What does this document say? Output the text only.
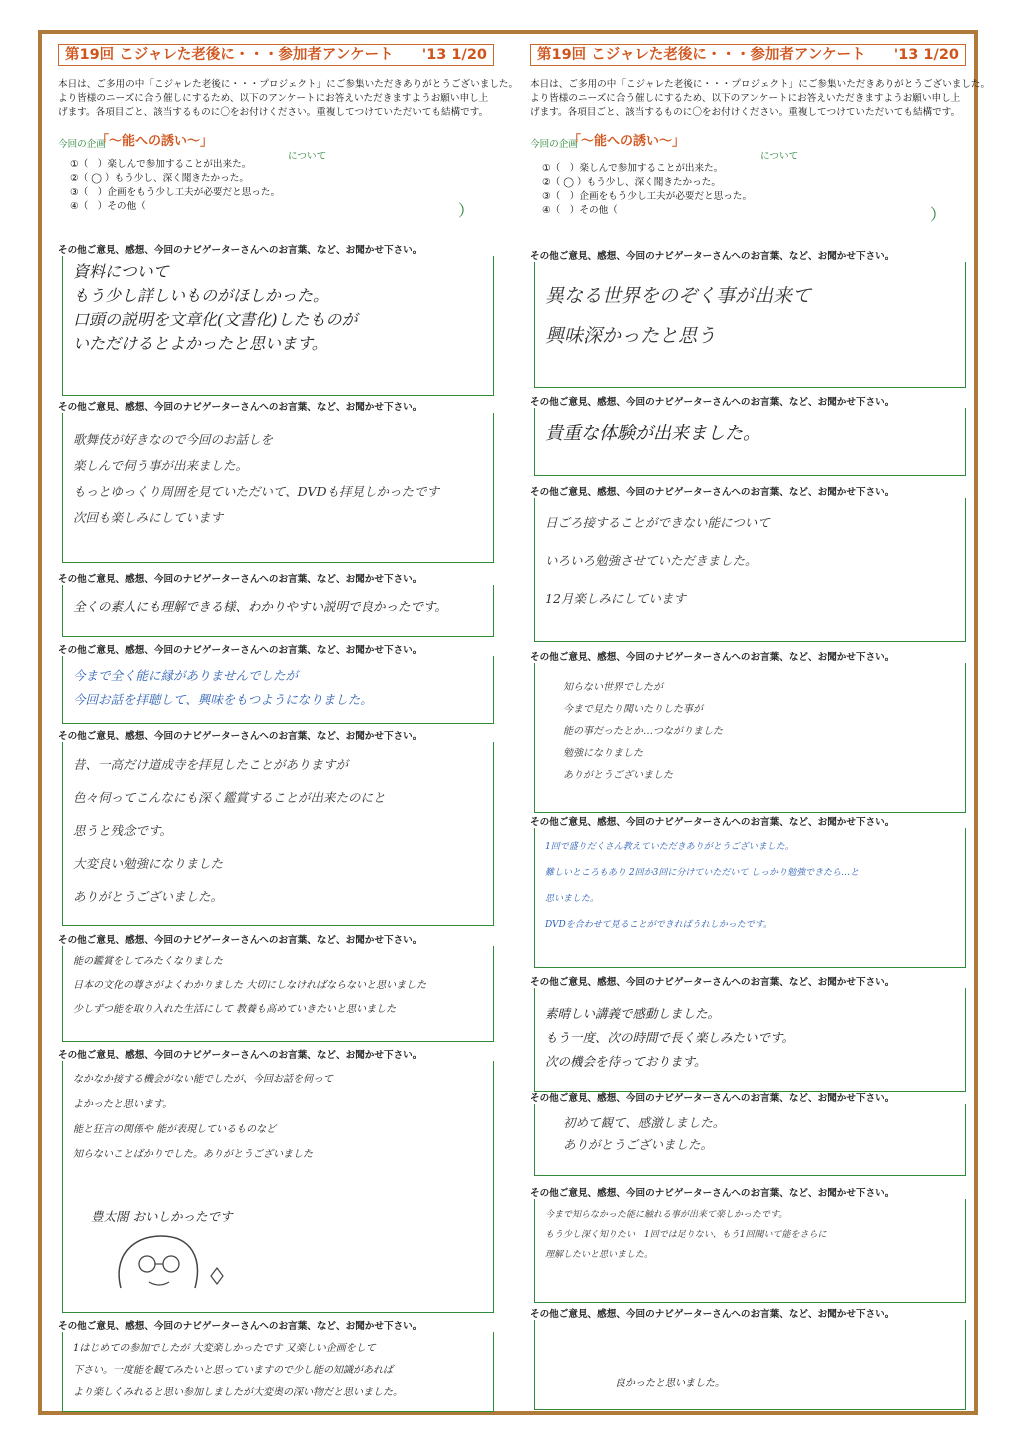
第19回 こジャレた老後に・・・参加者アンケート '13 1/20
本日は、ご多用の中「こジャレた老後に・・・プロジェクト」にご参集いただきありがとうございました。
より皆様のニーズに合う催しにするため、以下のアンケートにお答えいただきますようお願い申し上
げます。各項目ごと、該当するものに〇をお付けください。重複してつけていただいても結構です。
今回の企画
「～能への誘い～」
について
①（　）楽しんで参加することが出来た。
②（ ◯ ）もう少し、深く聞きたかった。
③（　）企画をもう少し工夫が必要だと思った。
④（　）その他（	）
その他ご意見、感想、今回のナビゲーターさんへのお言葉、など、お聞かせ下さい。
資料について
もう少し詳しいものがほしかった。
口頭の説明を文章化(文書化)したものが
いただけるとよかったと思います。
その他ご意見、感想、今回のナビゲーターさんへのお言葉、など、お聞かせ下さい。
歌舞伎が好きなので今回のお話しを
楽しんで伺う事が出来ました。
もっとゆっくり周囲を見ていただいて、DVDも拝見しかったです
次回も楽しみにしています
その他ご意見、感想、今回のナビゲーターさんへのお言葉、など、お聞かせ下さい。
全くの素人にも理解できる様、わかりやすい説明で良かったです。
その他ご意見、感想、今回のナビゲーターさんへのお言葉、など、お聞かせ下さい。
今まで全く能に縁がありませんでしたが
今回お話を拝聴して、興味をもつようになりました。
その他ご意見、感想、今回のナビゲーターさんへのお言葉、など、お聞かせ下さい。
昔、一高だけ道成寺を拝見したことがありますが
色々伺ってこんなにも深く鑑賞することが出来たのにと
思うと残念です。
大変良い勉強になりました
ありがとうございました。
その他ご意見、感想、今回のナビゲーターさんへのお言葉、など、お聞かせ下さい。
能の鑑賞をしてみたくなりました
日本の文化の尊さがよくわかりました 大切にしなければならないと思いました
少しずつ能を取り入れた生活にして 教養も高めていきたいと思いました
その他ご意見、感想、今回のナビゲーターさんへのお言葉、など、お聞かせ下さい。
なかなか接する機会がない能でしたが、今回お話を伺って
よかったと思います。
能と狂言の関係や 能が表現しているものなど
知らないことばかりでした。ありがとうございました
豊太閤 おいしかったです
その他ご意見、感想、今回のナビゲーターさんへのお言葉、など、お聞かせ下さい。
1はじめての参加でしたが 大変楽しかったです 又楽しい企画をして
下さい。一度能を観てみたいと思っていますので少し能の知識があれば
より楽しくみれると思い参加しましたが大変奥の深い物だと思いました。
第19回 こジャレた老後に・・・参加者アンケート '13 1/20
本日は、ご多用の中「こジャレた老後に・・・プロジェクト」にご参集いただきありがとうございました。
より皆様のニーズに合う催しにするため、以下のアンケートにお答えいただきますようお願い申し上
げます。各項目ごと、該当するものに〇をお付けください。重複してつけていただいても結構です。
今回の企画
「～能への誘い～」
について
①（　）楽しんで参加することが出来た。
②（ ◯ ）もう少し、深く聞きたかった。
③（　）企画をもう少し工夫が必要だと思った。
④（　）その他（	）
その他ご意見、感想、今回のナビゲーターさんへのお言葉、など、お聞かせ下さい。
異なる世界をのぞく事が出来て
興味深かったと思う
その他ご意見、感想、今回のナビゲーターさんへのお言葉、など、お聞かせ下さい。
貴重な体験が出来ました。
その他ご意見、感想、今回のナビゲーターさんへのお言葉、など、お聞かせ下さい。
日ごろ接することができない能について
いろいろ勉強させていただきました。
12月楽しみにしています
その他ご意見、感想、今回のナビゲーターさんへのお言葉、など、お聞かせ下さい。
知らない世界でしたが
今まで見たり聞いたりした事が
能の事だったとか…つながりました
勉強になりました
ありがとうございました
その他ご意見、感想、今回のナビゲーターさんへのお言葉、など、お聞かせ下さい。
1回で盛りだくさん教えていただきありがとうございました。
難しいところもあり 2回か3回に分けていただいて しっかり勉強できたら…と
思いました。
DVDを合わせて見ることができればうれしかったです。
その他ご意見、感想、今回のナビゲーターさんへのお言葉、など、お聞かせ下さい。
素晴しい講義で感動しました。
もう一度、次の時間で長く楽しみたいです。
次の機会を待っております。
その他ご意見、感想、今回のナビゲーターさんへのお言葉、など、お聞かせ下さい。
初めて観て、感激しました。
ありがとうございました。
その他ご意見、感想、今回のナビゲーターさんへのお言葉、など、お聞かせ下さい。
今まで知らなかった能に触れる事が出来て楽しかったです。
もう少し深く知りたい　1回では足りない、もう1回聞いて能をさらに
理解したいと思いました。
その他ご意見、感想、今回のナビゲーターさんへのお言葉、など、お聞かせ下さい。
良かったと思いました。
